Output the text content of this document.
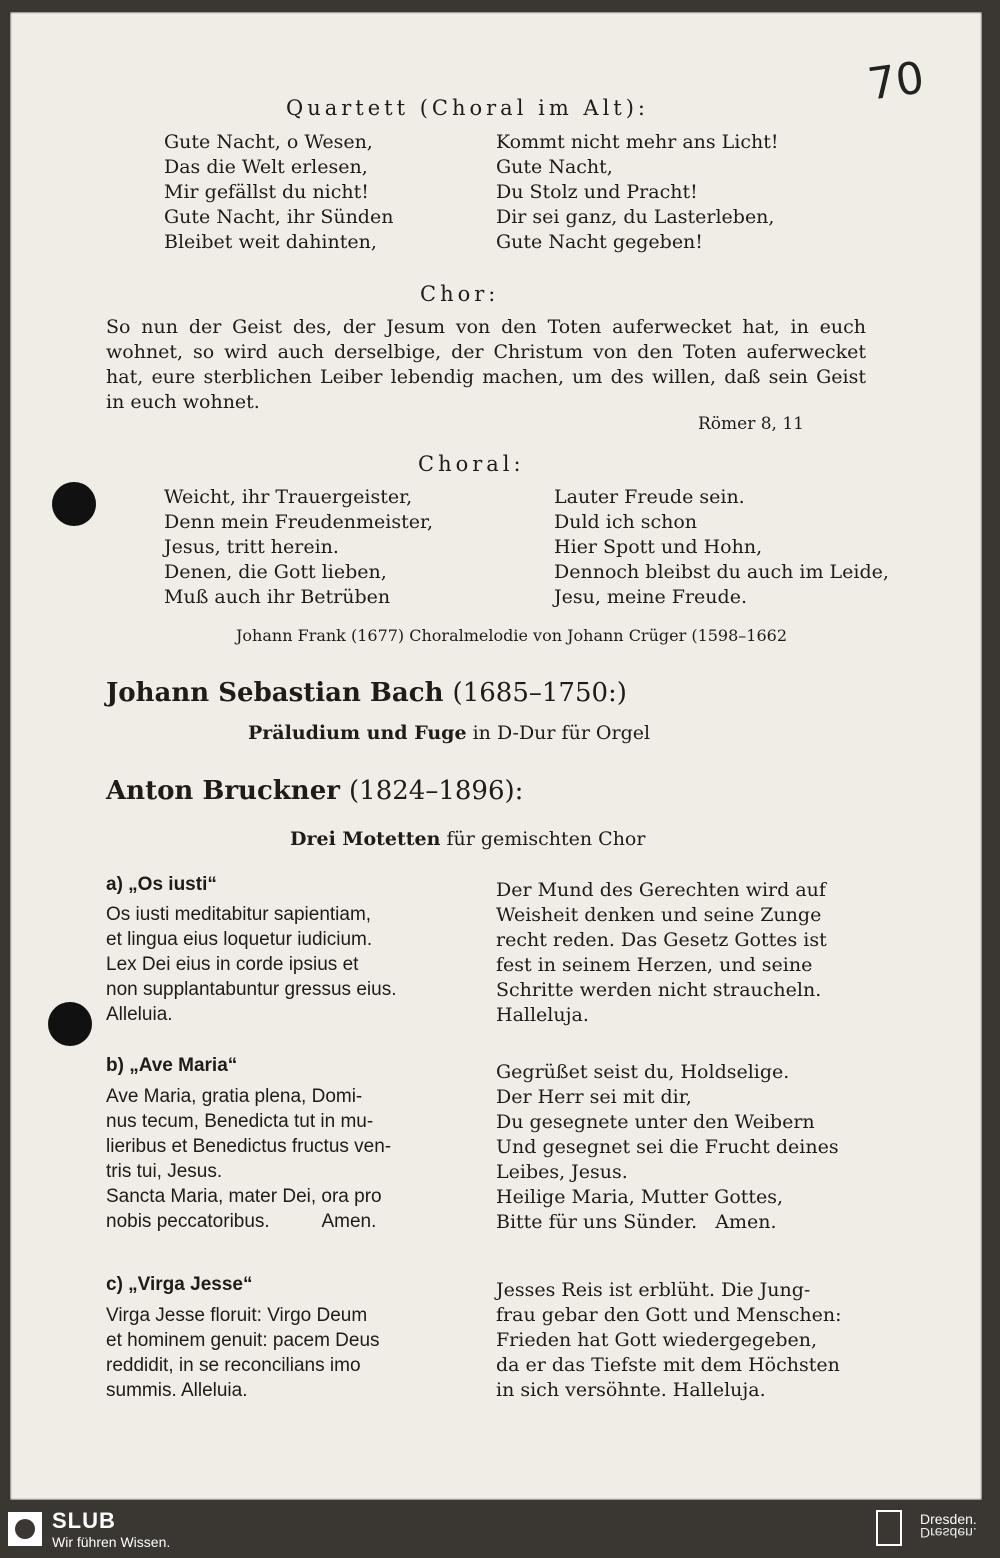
70
Quartett (Choral im Alt):
Gute Nacht, o Wesen,
Das die Welt erlesen,
Mir gefällst du nicht!
Gute Nacht, ihr Sünden
Bleibet weit dahinten,
Kommt nicht mehr ans Licht!
Gute Nacht,
Du Stolz und Pracht!
Dir sei ganz, du Lasterleben,
Gute Nacht gegeben!
Chor:
So nun der Geist des, der Jesum von den Toten auferwecket hat, in euch wohnet, so wird auch derselbige, der Christum von den Toten auferwecket hat, eure sterblichen Leiber lebendig machen, um des willen, daß sein Geist in euch wohnet.
Römer 8, 11
Choral:
Weicht, ihr Trauergeister,
Denn mein Freudenmeister,
Jesus, tritt herein.
Denen, die Gott lieben,
Muß auch ihr Betrüben
Lauter Freude sein.
Duld ich schon
Hier Spott und Hohn,
Dennoch bleibst du auch im Leide,
Jesu, meine Freude.
Johann Frank (1677) Choralmelodie von Johann Crüger (1598–1662
Johann Sebastian Bach (1685–1750:)
Präludium und Fuge in D-Dur für Orgel
Anton Bruckner (1824–1896):
Drei Motetten für gemischten Chor
a) „Os iusti“
Os iusti meditabitur sapientiam,
et lingua eius loquetur iudicium.
Lex Dei eius in corde ipsius et
non supplantabuntur gressus eius.
Alleluia.
Der Mund des Gerechten wird auf
Weisheit denken und seine Zunge
recht reden. Das Gesetz Gottes ist
fest in seinem Herzen, und seine
Schritte werden nicht straucheln.
Halleluja.
b) „Ave Maria“
Ave Maria, gratia plena, Domi-
nus tecum, Benedicta tut in mu-
lieribus et Benedictus fructus ven-
tris tui, Jesus.
Sancta Maria, mater Dei, ora pro
nobis peccatoribus.          Amen.
Gegrüßet seist du, Holdselige.
Der Herr sei mit dir,
Du gesegnete unter den Weibern
Und gesegnet sei die Frucht deines
Leibes, Jesus.
Heilige Maria, Mutter Gottes,
Bitte für uns Sünder.   Amen.
c) „Virga Jesse“
Virga Jesse floruit: Virgo Deum
et hominem genuit: pacem Deus
reddidit, in se reconcilians imo
summis. Alleluia.
Jesses Reis ist erblüht. Die Jung-
frau gebar den Gott und Menschen:
Frieden hat Gott wiedergegeben,
da er das Tiefste mit dem Höchsten
in sich versöhnte. Halleluja.
SLUB
Wir führen Wissen.
Dresden.
Dresden.
